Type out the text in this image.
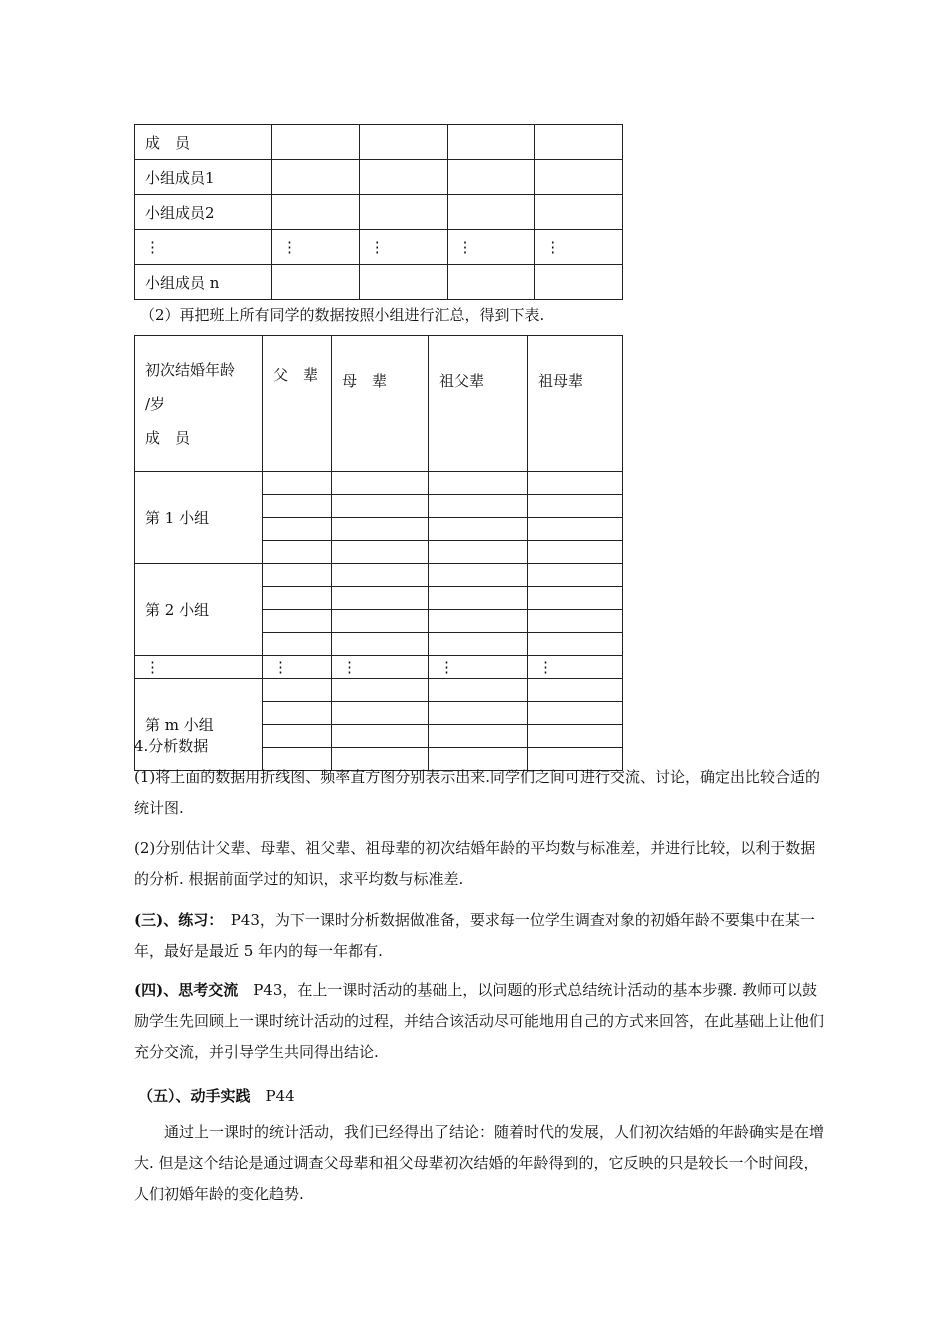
成　员				
小组成员1				
小组成员2				
⋮	⋮	⋮	⋮	⋮
小组成员 n				

（2）再把班上所有同学的数据按照小组进行汇总，得到下表.

初次结婚年龄
/岁
成　员	父　辈	母　辈	祖父辈	祖母辈
第 1 小组				

第 2 小组				

⋮	⋮	⋮	⋮	⋮
第 m 小组				

4.分析数据

(1)将上面的数据用折线图、频率直方图分别表示出来.同学们之间可进行交流、讨论，确定出比较合适的统计图.

(2)分别估计父辈、母辈、祖父辈、祖母辈的初次结婚年龄的平均数与标准差，并进行比较，以利于数据的分析. 根据前面学过的知识，求平均数与标准差.

(三)、练习：　 P43，为下一课时分析数据做准备，要求每一位学生调查对象的初婚年龄不要集中在某一年，最好是最近 5 年内的每一年都有.

(四)、思考交流　 P43，在上一课时活动的基础上，以问题的形式总结统计活动的基本步骤. 教师可以鼓励学生先回顾上一课时统计活动的过程，并结合该活动尽可能地用自己的方式来回答，在此基础上让他们充分交流，并引导学生共同得出结论.

（五）、动手实践　 P44

通过上一课时的统计活动，我们已经得出了结论：随着时代的发展，人们初次结婚的年龄确实是在增大. 但是这个结论是通过调查父母辈和祖父母辈初次结婚的年龄得到的，它反映的只是较长一个时间段，人们初婚年龄的变化趋势.
